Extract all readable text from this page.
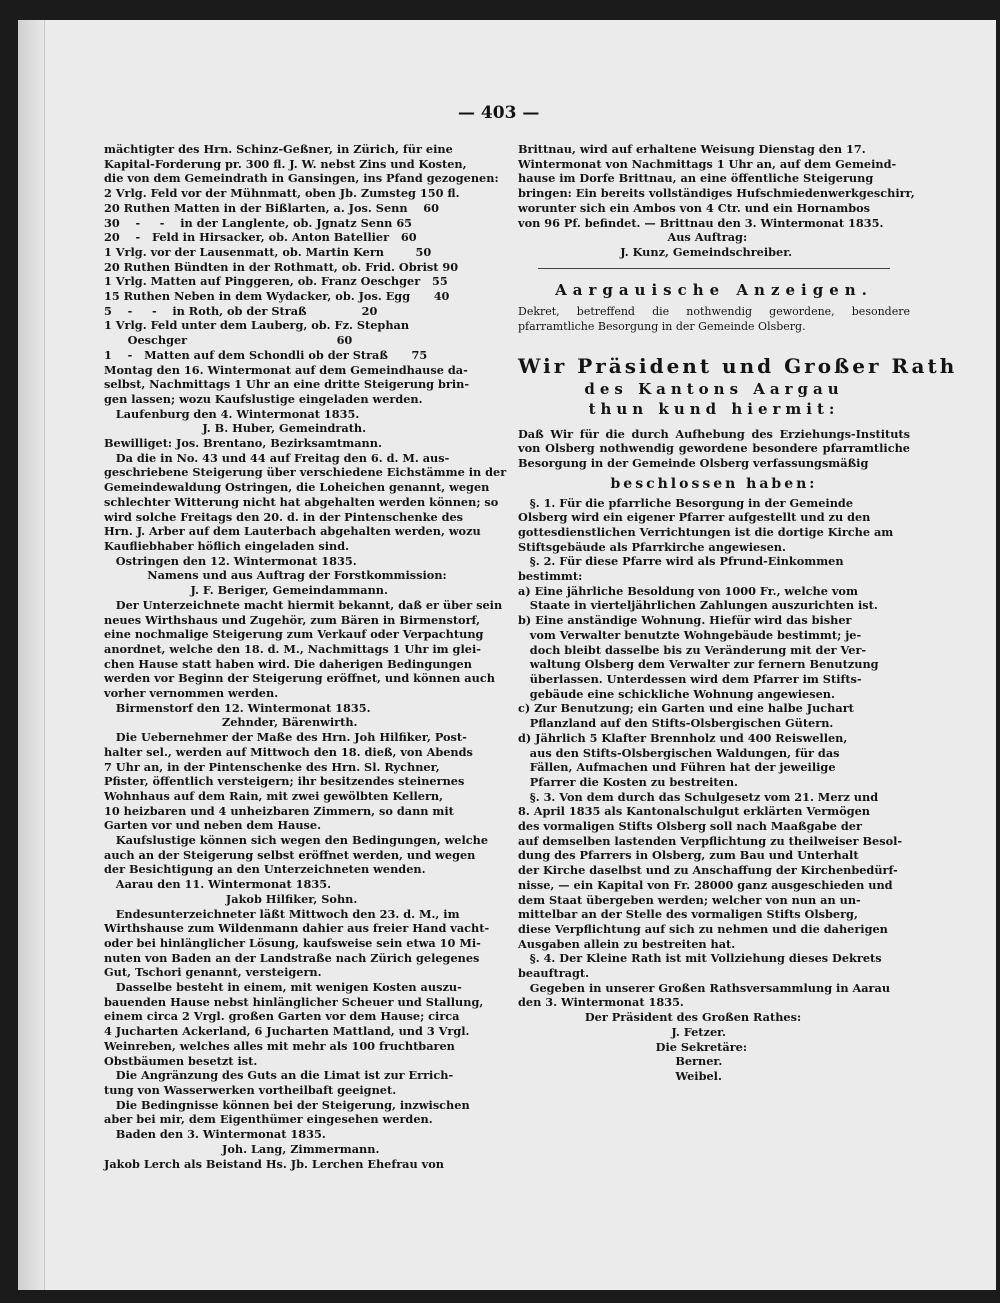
— 403 —

mächtigter des Hrn. Schinz-Geßner, in Zürich, für eine

Kapital-Forderung pr. 300 fl. J. W. nebst Zins und Kosten,

die von dem Gemeindrath in Gansingen, ins Pfand gezogenen:

2 Vrlg. Feld vor der Mühnmatt, oben Jb. Zumsteg 150 fl.

20 Ruthen Matten in der Bißlarten, a. Jos. Senn    60

30    -     -    in der Langlente, ob. Jgnatz Senn 65

20    -   Feld in Hirsacker, ob. Anton Batellier   60

1 Vrlg. vor der Lausenmatt, ob. Martin Kern        50

20 Ruthen Bündten in der Rothmatt, ob. Frid. Obrist 90

1 Vrlg. Matten auf Pinggeren, ob. Franz Oeschger   55

15 Ruthen Neben in dem Wydacker, ob. Jos. Egg      40

5    -     -    in Roth, ob der Straß              20

1 Vrlg. Feld unter dem Lauberg, ob. Fz. Stephan

Oeschger                                      60

1    -   Matten auf dem Schondli ob der Straß      75

Montag den 16. Wintermonat auf dem Gemeindhause da-

selbst, Nachmittags 1 Uhr an eine dritte Steigerung brin-

gen lassen; wozu Kaufslustige eingeladen werden.

Laufenburg den 4. Wintermonat 1835.

J. B. Huber, Gemeindrath.

Bewilliget: Jos. Brentano, Bezirksamtmann.

Da die in No. 43 und 44 auf Freitag den 6. d. M. aus-

geschriebene Steigerung über verschiedene Eichstämme in der

Gemeindewaldung Ostringen, die Loheichen genannt, wegen

schlechter Witterung nicht hat abgehalten werden können; so

wird solche Freitags den 20. d. in der Pintenschenke des

Hrn. J. Arber auf dem Lauterbach abgehalten werden, wozu

Kaufliebhaber höflich eingeladen sind.

Ostringen den 12. Wintermonat 1835.

Namens und aus Auftrag der Forstkommission:

J. F. Beriger, Gemeindammann.

Der Unterzeichnete macht hiermit bekannt, daß er über sein

neues Wirthshaus und Zugehör, zum Bären in Birmenstorf,

eine nochmalige Steigerung zum Verkauf oder Verpachtung

anordnet, welche den 18. d. M., Nachmittags 1 Uhr im glei-

chen Hause statt haben wird. Die daherigen Bedingungen

werden vor Beginn der Steigerung eröffnet, und können auch

vorher vernommen werden.

Birmenstorf den 12. Wintermonat 1835.

Zehnder, Bärenwirth.

Die Uebernehmer der Maße des Hrn. Joh Hilfiker, Post-

halter sel., werden auf Mittwoch den 18. dieß, von Abends

7 Uhr an, in der Pintenschenke des Hrn. Sl. Rychner,

Pfister, öffentlich versteigern; ihr besitzendes steinernes

Wohnhaus auf dem Rain, mit zwei gewölbten Kellern,

10 heizbaren und 4 unheizbaren Zimmern, so dann mit

Garten vor und neben dem Hause.

Kaufslustige können sich wegen den Bedingungen, welche

auch an der Steigerung selbst eröffnet werden, und wegen

der Besichtigung an den Unterzeichneten wenden.

Aarau den 11. Wintermonat 1835.

Jakob Hilfiker, Sohn.

Endesunterzeichneter läßt Mittwoch den 23. d. M., im

Wirthshause zum Wildenmann dahier aus freier Hand vacht-

oder bei hinlänglicher Lösung, kaufsweise sein etwa 10 Mi-

nuten von Baden an der Landstraße nach Zürich gelegenes

Gut, Tschori genannt, versteigern.

Dasselbe besteht in einem, mit wenigen Kosten auszu-

bauenden Hause nebst hinlänglicher Scheuer und Stallung,

einem circa 2 Vrgl. großen Garten vor dem Hause; circa

4 Jucharten Ackerland, 6 Jucharten Mattland, und 3 Vrgl.

Weinreben, welches alles mit mehr als 100 fruchtbaren

Obstbäumen besetzt ist.

Die Angränzung des Guts an die Limat ist zur Errich-

tung von Wasserwerken vortheilbaft geeignet.

Die Bedingnisse können bei der Steigerung, inzwischen

aber bei mir, dem Eigenthümer eingesehen werden.

Baden den 3. Wintermonat 1835.

Joh. Lang, Zimmermann.

Jakob Lerch als Beistand Hs. Jb. Lerchen Ehefrau von

Brittnau, wird auf erhaltene Weisung Dienstag den 17.

Wintermonat von Nachmittags 1 Uhr an, auf dem Gemeind-

hause im Dorfe Brittnau, an eine öffentliche Steigerung

bringen: Ein bereits vollständiges Hufschmiedenwerkgeschirr,

worunter sich ein Ambos von 4 Ctr. und ein Hornambos

von 96 Pf. befindet. — Brittnau den 3. Wintermonat 1835.

Aus Auftrag:

J. Kunz, Gemeindschreiber.

Aargauische Anzeigen.

Dekret, betreffend die nothwendig gewordene, besondere pfarramtliche Besorgung in der Gemeinde Olsberg.

Wir Präsident und Großer Rath

des Kantons Aargau

thun kund hiermit:

Daß Wir für die durch Aufhebung des Erziehungs-Instituts von Olsberg nothwendig gewordene besondere pfarramtliche Besorgung in der Gemeinde Olsberg verfassungsmäßig

beschlossen haben:

§. 1. Für die pfarrliche Besorgung in der Gemeinde

Olsberg wird ein eigener Pfarrer aufgestellt und zu den

gottesdienstlichen Verrichtungen ist die dortige Kirche am

Stiftsgebäude als Pfarrkirche angewiesen.

§. 2. Für diese Pfarre wird als Pfrund-Einkommen

bestimmt:

a) Eine jährliche Besoldung von 1000 Fr., welche vom

Staate in vierteljährlichen Zahlungen auszurichten ist.

b) Eine anständige Wohnung. Hiefür wird das bisher

vom Verwalter benutzte Wohngebäude bestimmt; je-

doch bleibt dasselbe bis zu Veränderung mit der Ver-

waltung Olsberg dem Verwalter zur fernern Benutzung

überlassen. Unterdessen wird dem Pfarrer im Stifts-

gebäude eine schickliche Wohnung angewiesen.

c) Zur Benutzung; ein Garten und eine halbe Juchart

Pflanzland auf den Stifts-Olsbergischen Gütern.

d) Jährlich 5 Klafter Brennholz und 400 Reiswellen,

aus den Stifts-Olsbergischen Waldungen, für das

Fällen, Aufmachen und Führen hat der jeweilige

Pfarrer die Kosten zu bestreiten.

§. 3. Von dem durch das Schulgesetz vom 21. Merz und

8. April 1835 als Kantonalschulgut erklärten Vermögen

des vormaligen Stifts Olsberg soll nach Maaßgabe der

auf demselben lastenden Verpflichtung zu theilweiser Besol-

dung des Pfarrers in Olsberg, zum Bau und Unterhalt

der Kirche daselbst und zu Anschaffung der Kirchenbedürf-

nisse, — ein Kapital von Fr. 28000 ganz ausgeschieden und

dem Staat übergeben werden; welcher von nun an un-

mittelbar an der Stelle des vormaligen Stifts Olsberg,

diese Verpflichtung auf sich zu nehmen und die daherigen

Ausgaben allein zu bestreiten hat.

§. 4. Der Kleine Rath ist mit Vollziehung dieses Dekrets

beauftragt.

Gegeben in unserer Großen Rathsversammlung in Aarau

den 3. Wintermonat 1835.

Der Präsident des Großen Rathes:

J. Fetzer.

Die Sekretäre:

Berner.

Weibel.
